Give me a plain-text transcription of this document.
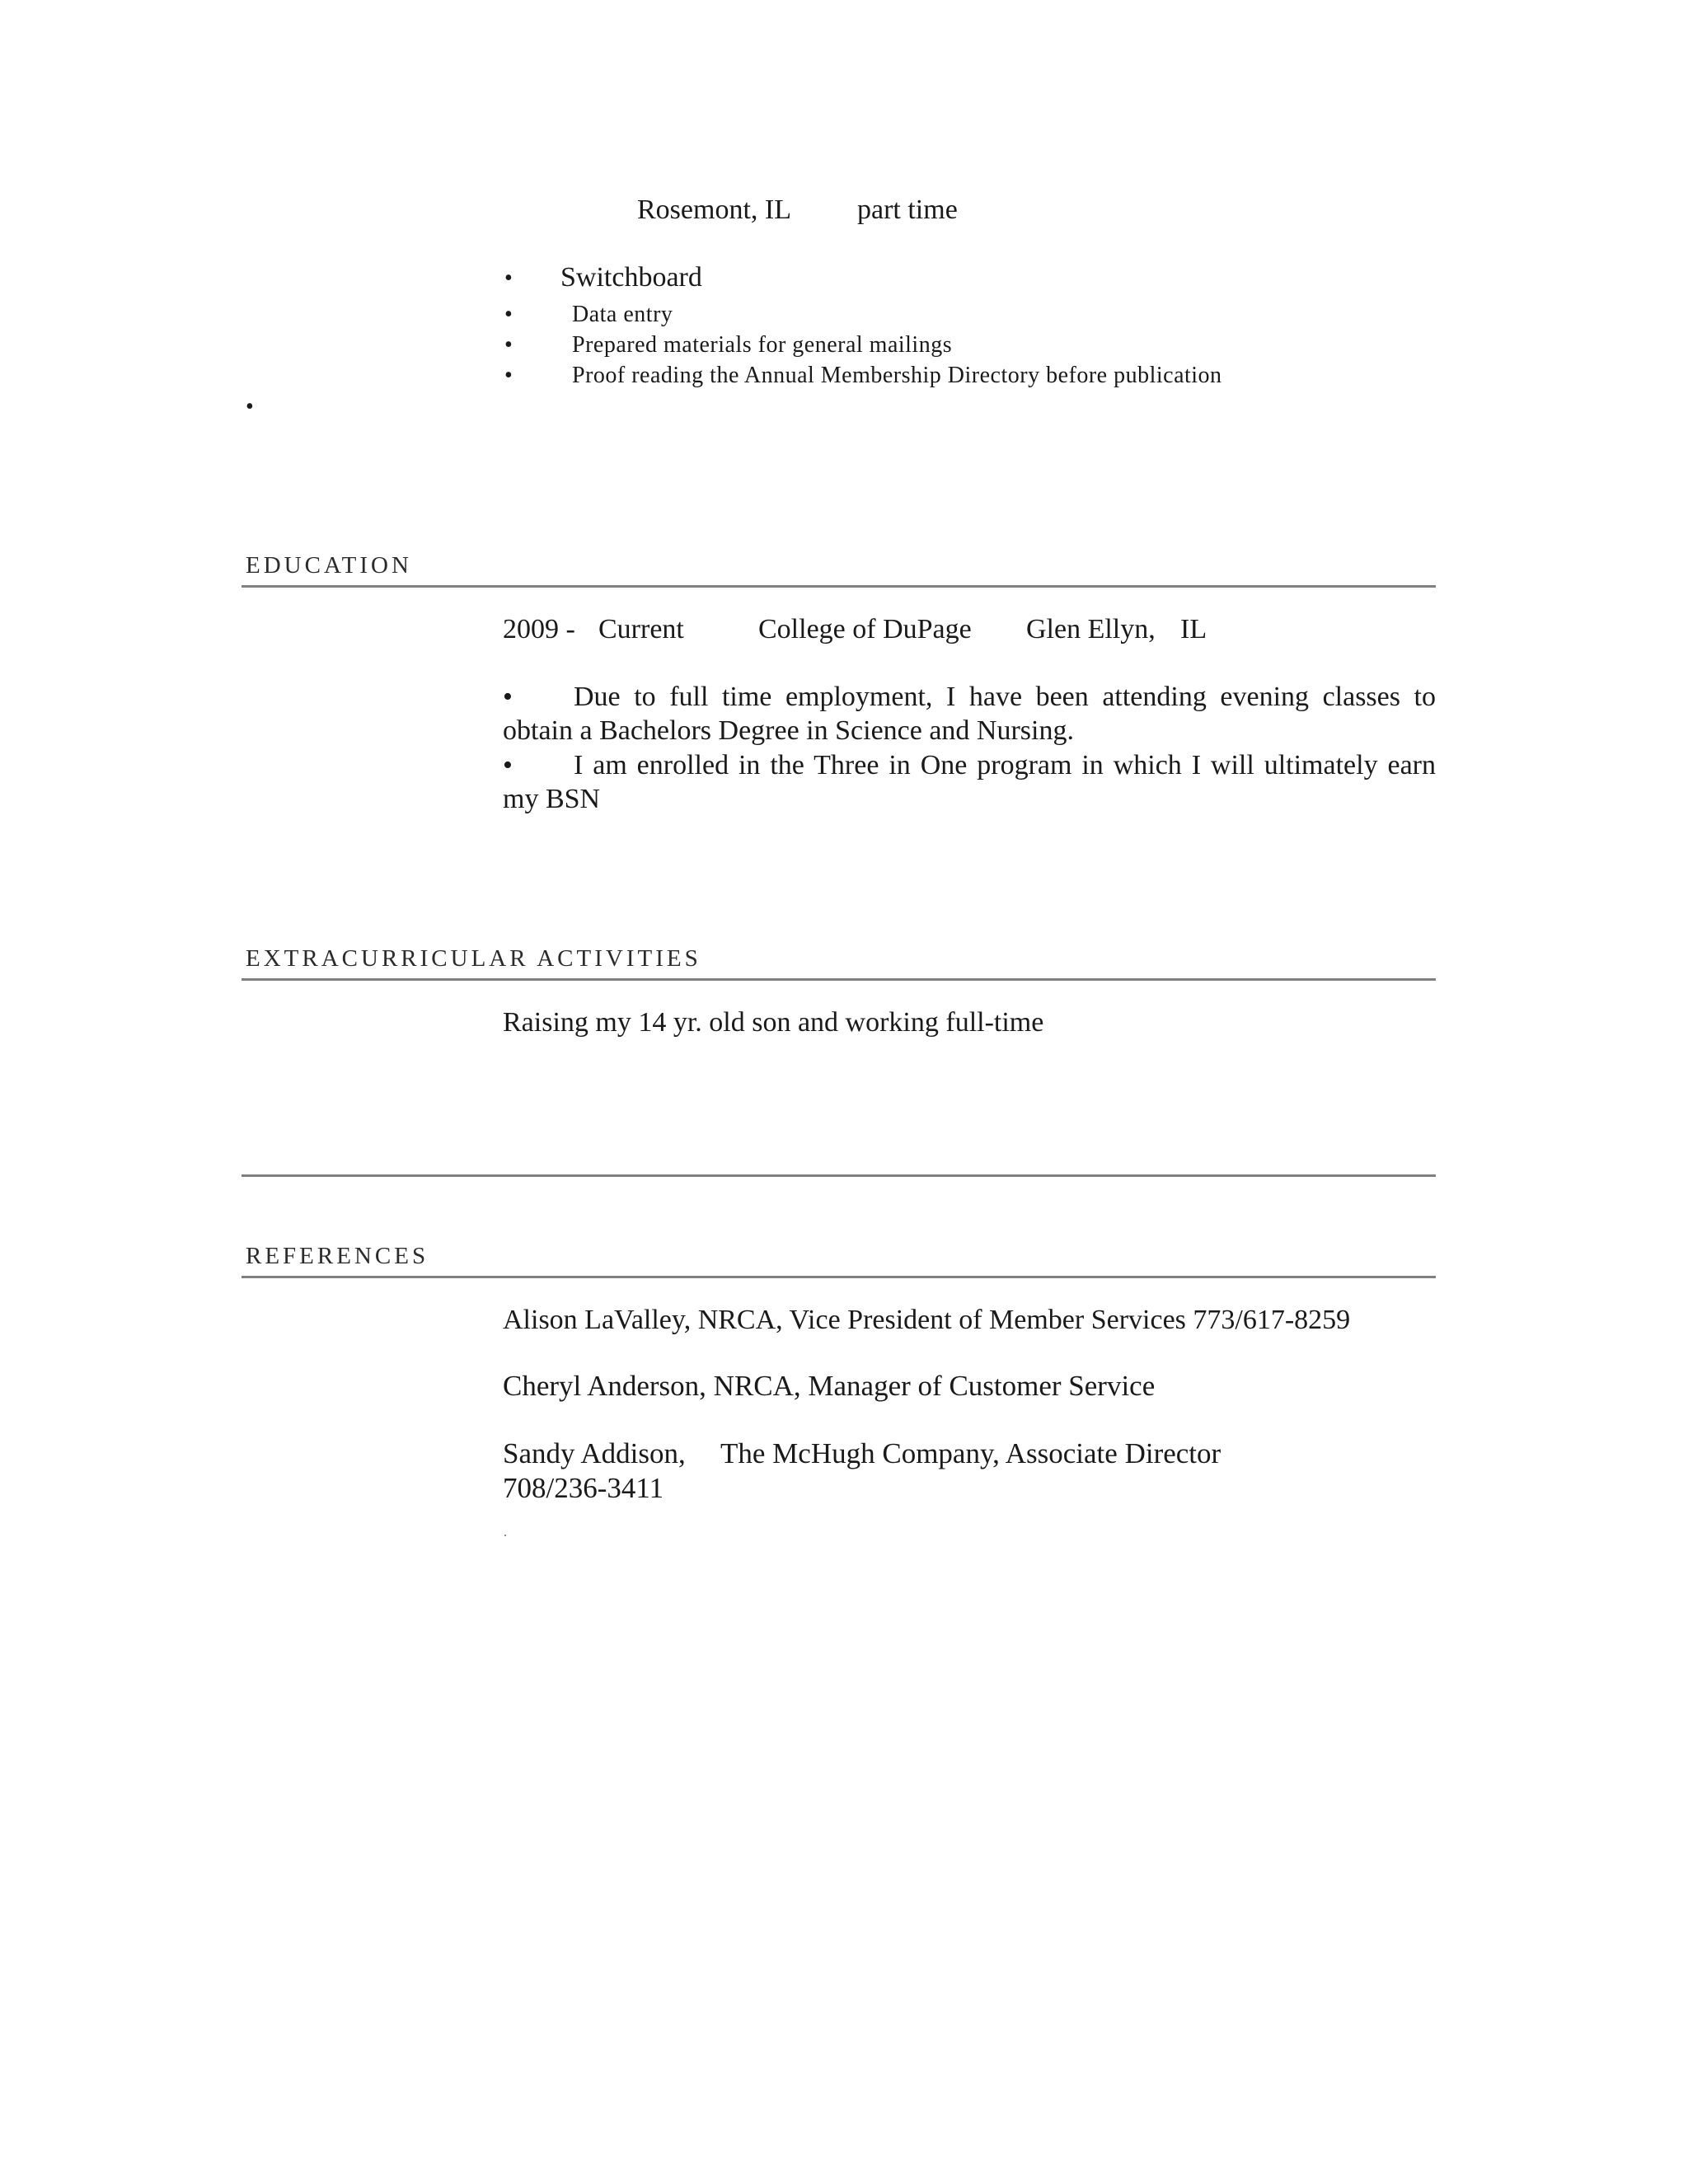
Rosemont, IL part time
• Switchboard
•	Data entry
•	Prepared materials for general mailings
•	Proof reading the Annual Membership Directory before publication
•
EDUCATION
2009 - Current	College of DuPage Glen Ellyn, IL
• Due to full time employment, I have been attending evening classes to obtain a Bachelors Degree in Science and Nursing.
• I am enrolled in the Three in One program in which I will ultimately earn my BSN
EXTRACURRICULAR ACTIVITIES
Raising my 14 yr. old son and working full-time
REFERENCES
Alison LaValley, NRCA, Vice President of Member Services 773/617-8259
Cheryl Anderson, NRCA, Manager of Customer Service
Sandy Addison, The McHugh Company, Associate Director
708/236-3411
